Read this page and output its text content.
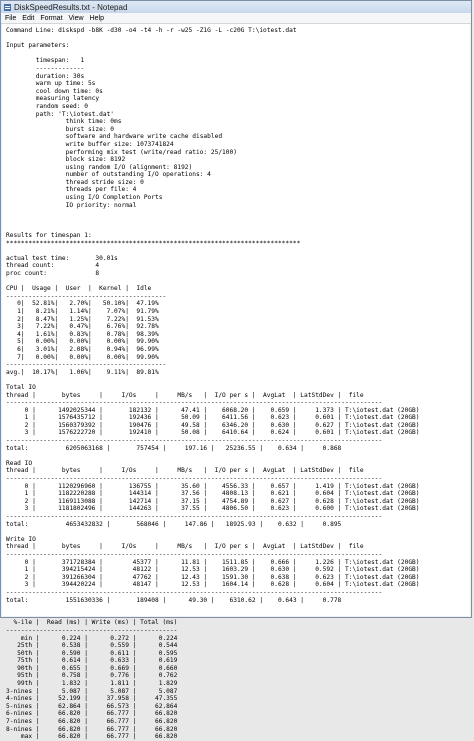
DiskSpeedResults.txt - Notepad
File Edit Format View Help
Command Line: diskspd -b8K -d30 -o4 -t4 -h -r -w25 -Z1G -L -c20G T:\iotest.dat
Input parameters:
timespan:   1
-------------
duration: 30s
warm up time: 5s
cool down time: 0s
measuring latency
random seed: 0
path: 'T:\iotest.dat'
think time: 0ms
burst size: 0
software and hardware write cache disabled
write buffer size: 1073741824
performing mix test (write/read ratio: 25/100)
block size: 8192
using random I/O (alignment: 8192)
number of outstanding I/O operations: 4
thread stride size: 0
threads per file: 4
using I/O Completion Ports
IO priority: normal
Results for timespan 1:
*******************************************************************************
actual test time:       30.01s
thread count:           4
proc count:             8
CPU |  Usage |  User  |  Kernel |  Idle
-------------------------------------------
0|  52.81%|   2.70%|   50.10%|  47.19%
1|   8.21%|   1.14%|    7.07%|  91.79%
2|   8.47%|   1.25%|    7.22%|  91.53%
3|   7.22%|   0.47%|    6.76%|  92.78%
4|   1.61%|   0.83%|    0.78%|  98.39%
5|   0.00%|   0.00%|    0.00%|  99.90%
6|   3.01%|   2.08%|    0.94%|  96.99%
7|   0.00%|   0.00%|    0.00%|  99.90%
-------------------------------------------
avg.|  10.17%|   1.06%|    9.11%|  89.81%
Total IO
thread |       bytes     |     I/Os     |     MB/s   |  I/O per s |  AvgLat  | LatStdDev |  file
-----------------------------------------------------------------------------------------------------
0 |      1492025344 |       182132 |      47.41 |    6068.20 |    0.659 |     1.373 | T:\iotest.dat (20GB)
1 |      1576435712 |       192436 |      50.09 |    6411.56 |    0.623 |     0.601 | T:\iotest.dat (20GB)
2 |      1560379392 |       190476 |      49.58 |    6346.20 |    0.630 |     0.627 | T:\iotest.dat (20GB)
3 |      1576222720 |       192410 |      50.08 |    6410.64 |    0.624 |     0.601 | T:\iotest.dat (20GB)
-----------------------------------------------------------------------------------------------------
total:          6205063168 |       757454 |     197.16 |   25236.55 |    0.634 |     0.868
Read IO
thread |       bytes     |     I/Os     |     MB/s   |  I/O per s |  AvgLat  | LatStdDev |  file
-----------------------------------------------------------------------------------------------------
0 |      1120296960 |       136755 |      35.60 |    4556.33 |    0.657 |     1.419 | T:\iotest.dat (20GB)
1 |      1182220288 |       144314 |      37.56 |    4808.13 |    0.621 |     0.604 | T:\iotest.dat (20GB)
2 |      1169113088 |       142714 |      37.15 |    4754.89 |    0.627 |     0.628 | T:\iotest.dat (20GB)
3 |      1181802496 |       144263 |      37.55 |    4806.50 |    0.623 |     0.600 | T:\iotest.dat (20GB)
-----------------------------------------------------------------------------------------------------
total:          4653432832 |       568046 |     147.86 |   18925.93 |    0.632 |     0.895
Write IO
thread |       bytes     |     I/Os     |     MB/s   |  I/O per s |  AvgLat  | LatStdDev |  file
-----------------------------------------------------------------------------------------------------
0 |       371728384 |        45377 |      11.81 |    1511.85 |    0.666 |     1.226 | T:\iotest.dat (20GB)
1 |       394215424 |        48122 |      12.53 |    1603.29 |    0.630 |     0.592 | T:\iotest.dat (20GB)
2 |       391266304 |        47762 |      12.43 |    1591.30 |    0.638 |     0.623 | T:\iotest.dat (20GB)
3 |       394420224 |        48147 |      12.53 |    1604.14 |    0.628 |     0.604 | T:\iotest.dat (20GB)
-----------------------------------------------------------------------------------------------------
total:          1551630336 |       189408 |      49.30 |    6310.62 |    0.643 |     0.778
%-ile |  Read (ms) | Write (ms) | Total (ms)
----------------------------------------------
min |      0.224 |      0.272 |      0.224
25th |      0.538 |      0.559 |      0.544
50th |      0.590 |      0.611 |      0.595
75th |      0.614 |      0.633 |      0.619
90th |      0.655 |      0.669 |      0.660
95th |      0.758 |      0.776 |      0.762
99th |      1.832 |      1.811 |      1.829
3-nines |      5.087 |      5.087 |      5.087
4-nines |     52.199 |     37.958 |     47.355
5-nines |     62.864 |     66.573 |     62.864
6-nines |     66.820 |     66.777 |     66.820
7-nines |     66.820 |     66.777 |     66.820
8-nines |     66.820 |     66.777 |     66.820
max |     66.820 |     66.777 |     66.820
